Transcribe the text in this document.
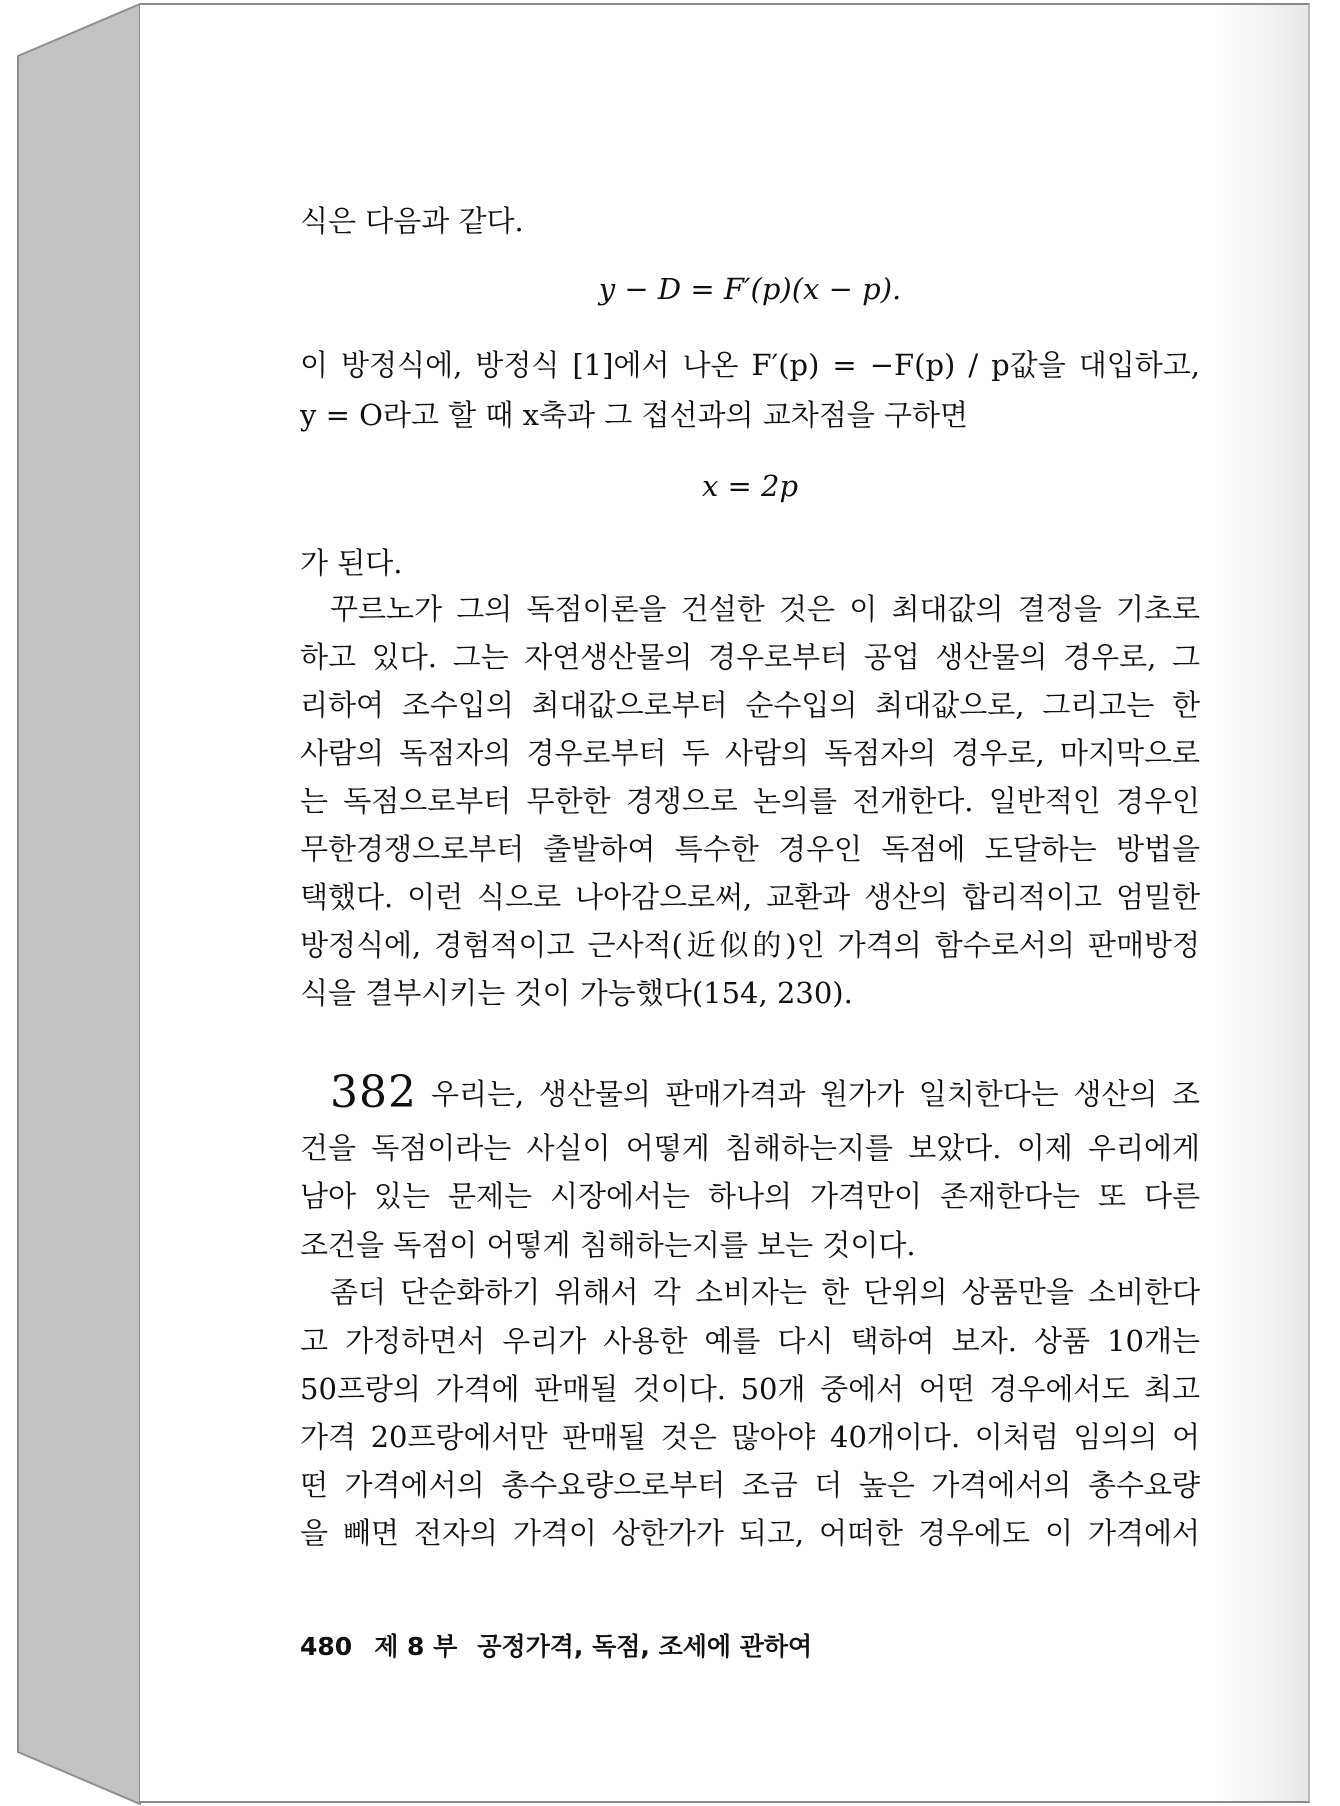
식은 다음과 같다.
y − D = F′(p)(x − p).
이 방정식에, 방정식 [1]에서 나온 F′(p) = −F(p) / p값을 대입하고,
y = O라고 할 때 x축과 그 접선과의 교차점을 구하면
x = 2p
가 된다.
꾸르노가 그의 독점이론을 건설한 것은 이 최대값의 결정을 기초로
하고 있다. 그는 자연생산물의 경우로부터 공업 생산물의 경우로, 그
리하여 조수입의 최대값으로부터 순수입의 최대값으로, 그리고는 한
사람의 독점자의 경우로부터 두 사람의 독점자의 경우로, 마지막으로
는 독점으로부터 무한한 경쟁으로 논의를 전개한다. 일반적인 경우인
무한경쟁으로부터 출발하여 특수한 경우인 독점에 도달하는 방법을
택했다. 이런 식으로 나아감으로써, 교환과 생산의 합리적이고 엄밀한
방정식에, 경험적이고 근사적(近似的)인 가격의 함수로서의 판매방정
식을 결부시키는 것이 가능했다(154, 230).
382 우리는, 생산물의 판매가격과 원가가 일치한다는 생산의 조
건을 독점이라는 사실이 어떻게 침해하는지를 보았다. 이제 우리에게
남아 있는 문제는 시장에서는 하나의 가격만이 존재한다는 또 다른
조건을 독점이 어떻게 침해하는지를 보는 것이다.
좀더 단순화하기 위해서 각 소비자는 한 단위의 상품만을 소비한다
고 가정하면서 우리가 사용한 예를 다시 택하여 보자. 상품 10개는
50프랑의 가격에 판매될 것이다. 50개 중에서 어떤 경우에서도 최고
가격 20프랑에서만 판매될 것은 많아야 40개이다. 이처럼 임의의 어
떤 가격에서의 총수요량으로부터 조금 더 높은 가격에서의 총수요량
을 빼면 전자의 가격이 상한가가 되고, 어떠한 경우에도 이 가격에서
480 제 8 부 공정가격, 독점, 조세에 관하여
